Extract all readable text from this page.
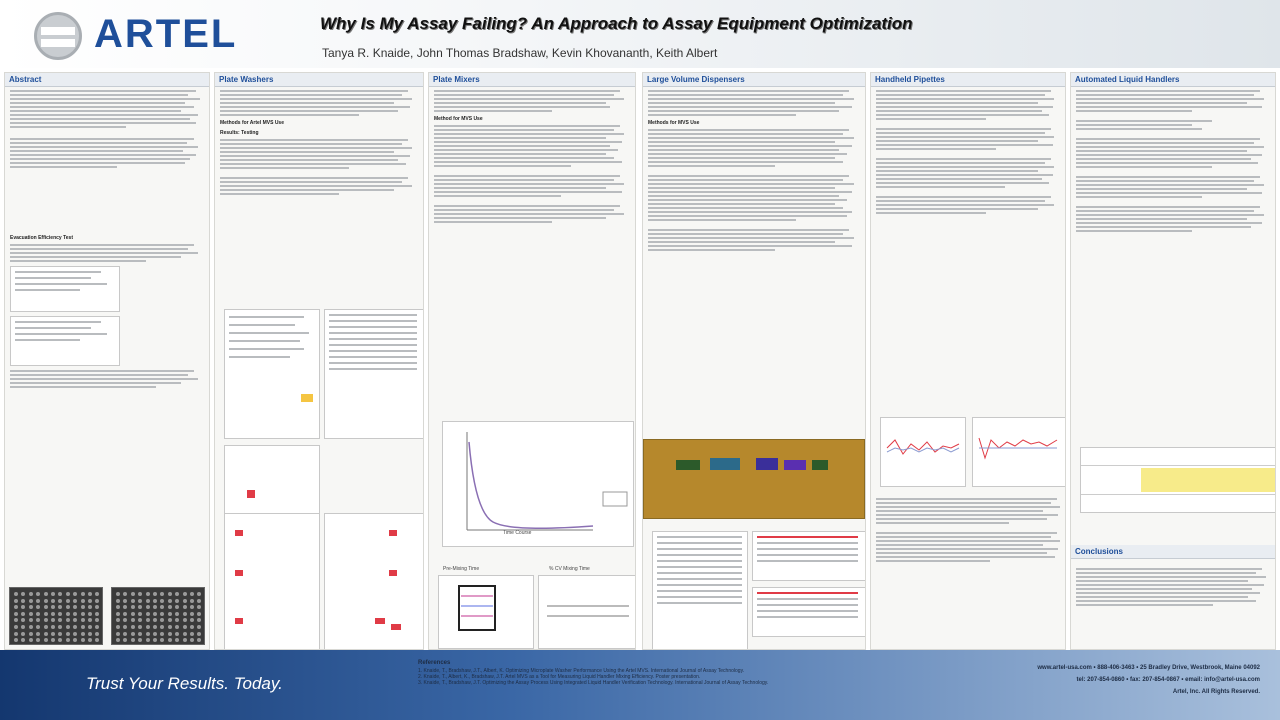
ARTEL	Why Is My Assay Failing? An Approach to Assay Equipment Optimization
Tanya R. Knaide, John Thomas Bradshaw, Kevin Khovananth, Keith Albert
Abstract
Evacuation Efficiency Test
Plate Washers
Methods for Artel MVS Use
Results: Testing
Plate Mixers
Method for MVS Use
Time Course
Pre-Mixing Time	% CV Mixing Time
Large Volume Dispensers
Methods for MVS Use
Handheld Pipettes	Automated Liquid Handlers
Conclusions
Trust Your Results. Today.
References
1. Knaide, T., Bradshaw, J.T., Albert, K. Optimizing Microplate Washer Performance Using the Artel MVS. International Journal of Assay Technology.
2. Knaide, T., Albert, K., Bradshaw, J.T. Artel MVS as a Tool for Measuring Liquid Handler Mixing Efficiency. Poster presentation.
3. Knaide, T., Bradshaw, J.T. Optimizing the Assay Process Using Integrated Liquid Handler Verification Technology. International Journal of Assay Technology.
www.artel-usa.com • 888-406-3463 • 25 Bradley Drive, Westbrook, Maine 04092
tel: 207-854-0860 • fax: 207-854-0867 • email: info@artel-usa.com
Artel, Inc. All Rights Reserved.
